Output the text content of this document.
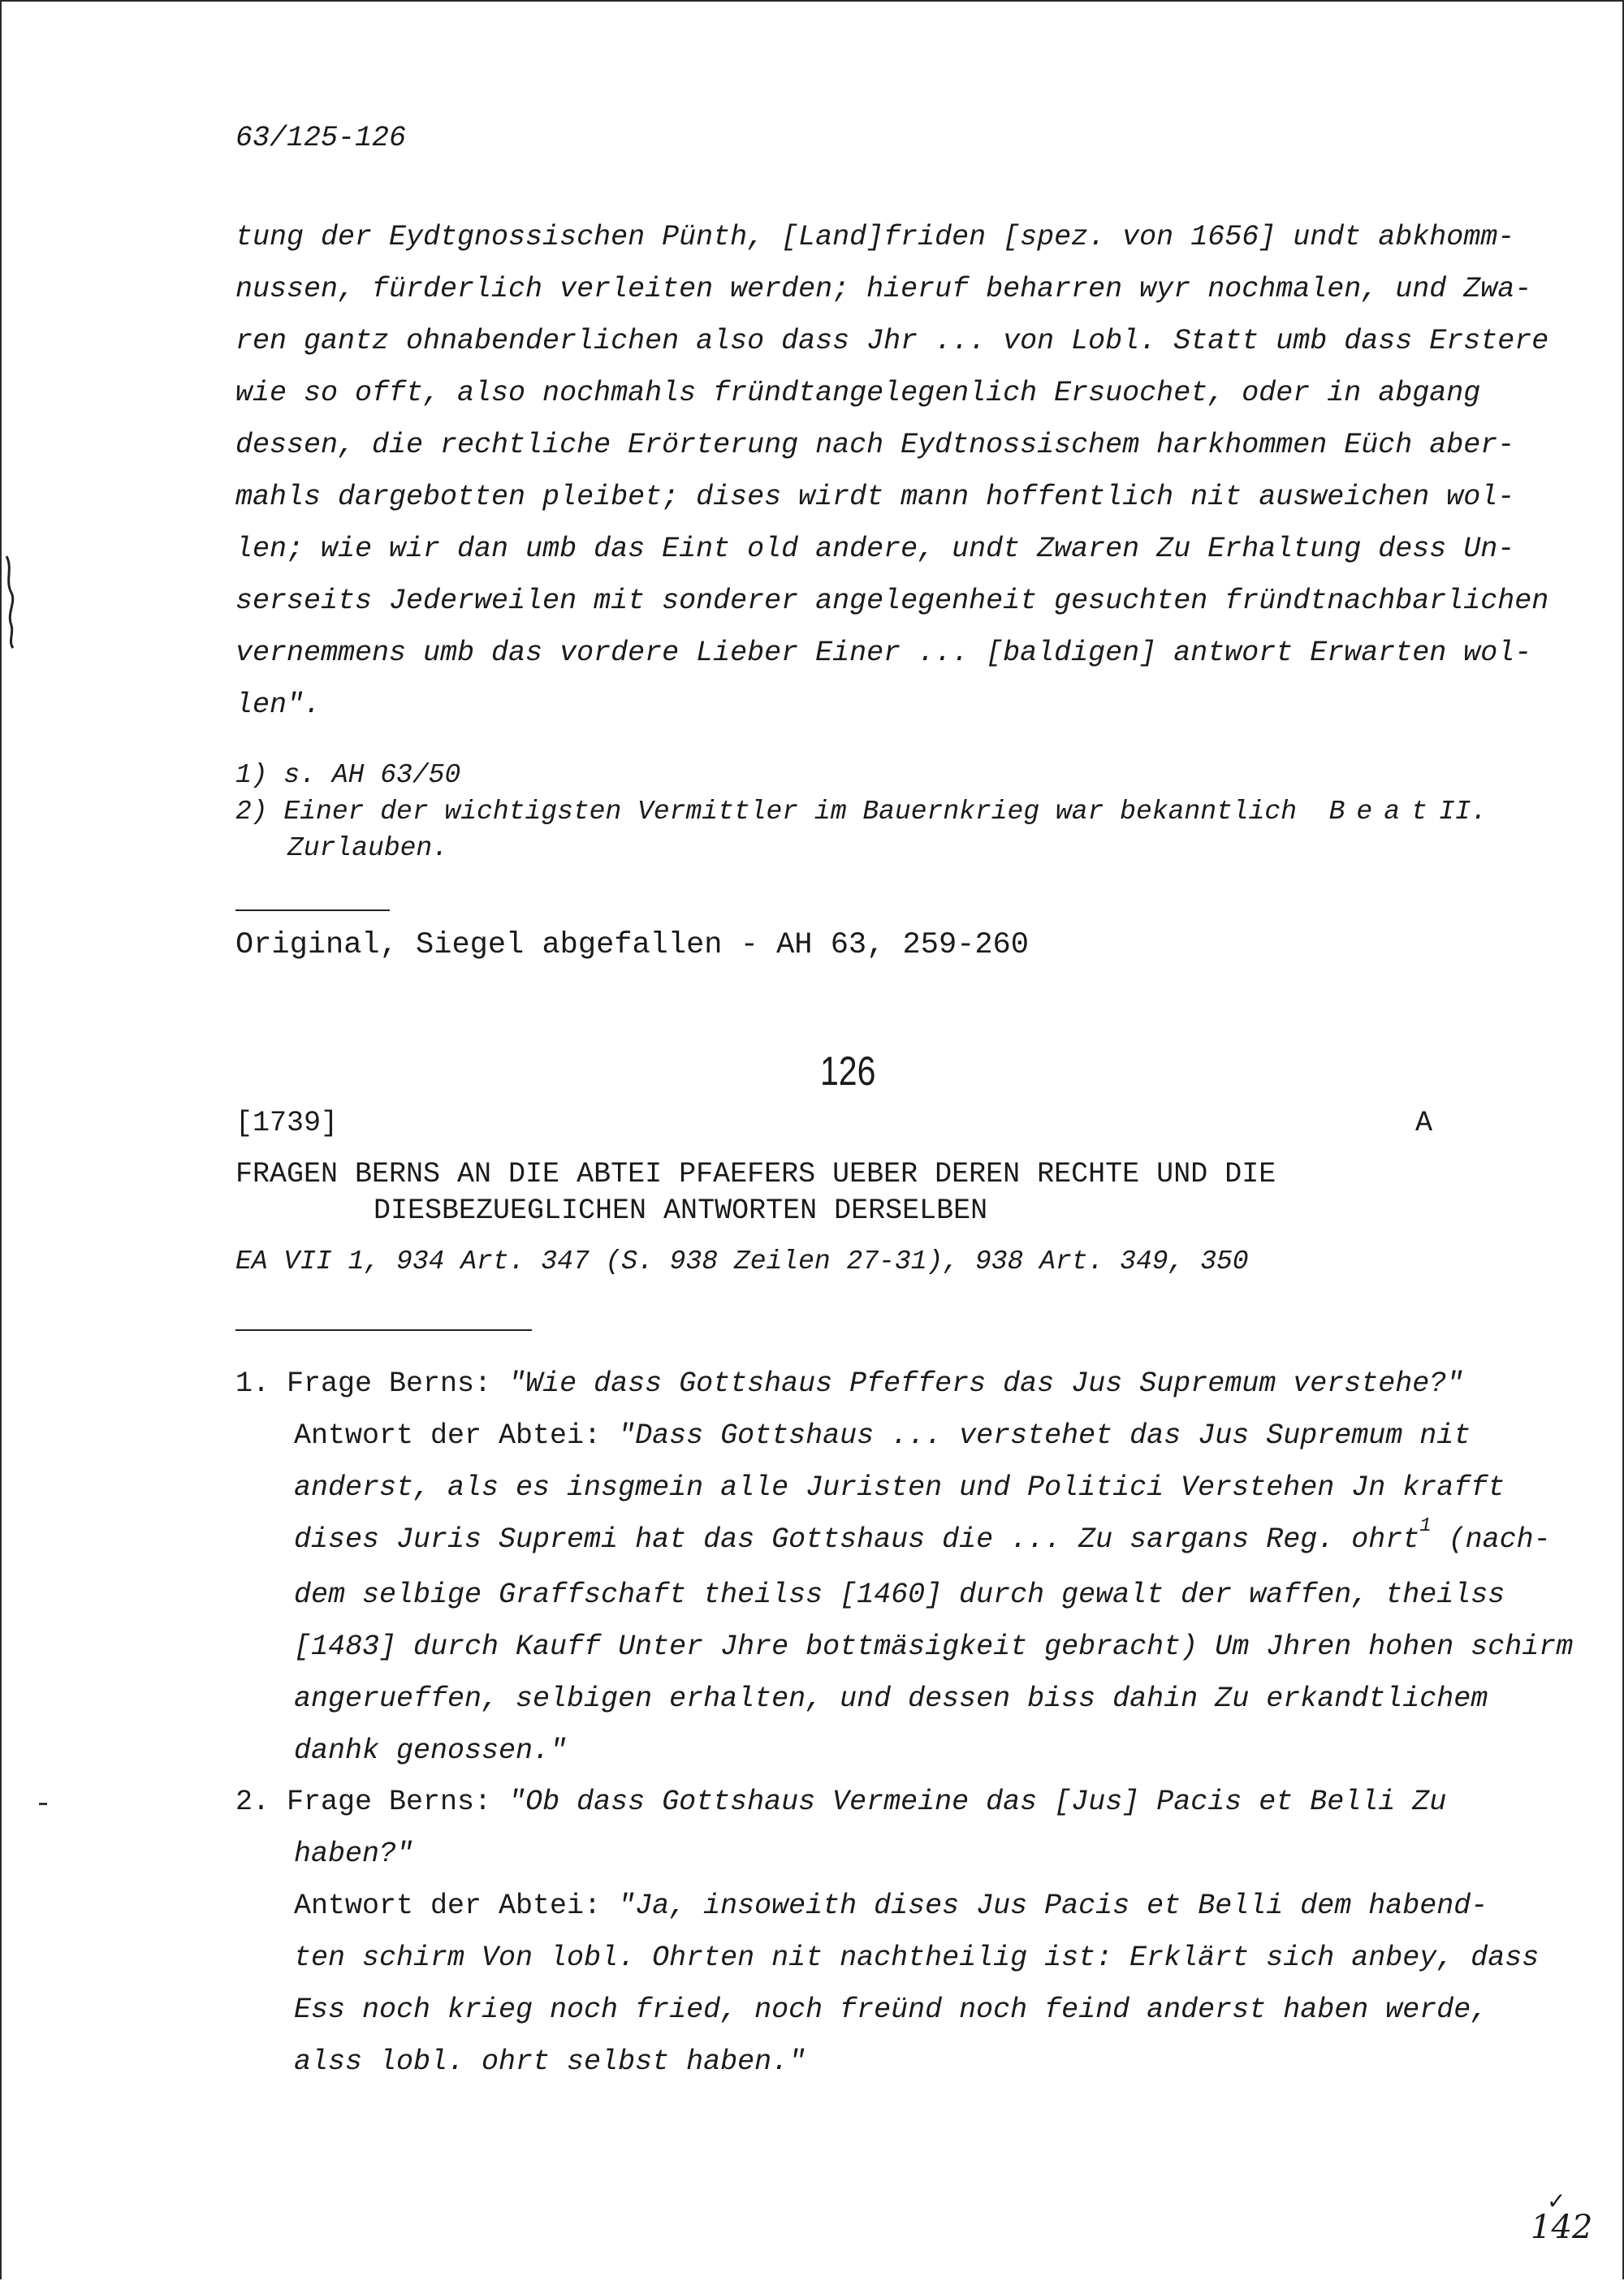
63/125-126
tung der Eydtgnossischen Pünth, [Land]friden [spez. von 1656] undt abkhomm-
nussen, fürderlich verleiten werden; hieruf beharren wyr nochmalen, und Zwa-
ren gantz ohnabenderlichen also dass Jhr ... von Lobl. Statt umb dass Erstere
wie so offt, also nochmahls fründtangelegenlich Ersuochet, oder in abgang
dessen, die rechtliche Erörterung nach Eydtnossischem harkhommen Eüch aber-
mahls dargebotten pleibet; dises wirdt mann hoffentlich nit ausweichen wol-
len; wie wir dan umb das Eint old andere, undt Zwaren Zu Erhaltung dess Un-
serseits Jederweilen mit sonderer angelegenheit gesuchten fründtnachbarlichen
vernemmens umb das vordere Lieber Einer ... [baldigen] antwort Erwarten wol-
len".
1) s. AH 63/50
2) Einer der wichtigsten Vermittler im Bauernkrieg war bekanntlich BeatII.
Zurlauben.
Original, Siegel abgefallen - AH 63, 259-260
126
[1739]	A
FRAGEN BERNS AN DIE ABTEI PFAEFERS UEBER DEREN RECHTE UND DIE
DIESBEZUEGLICHEN ANTWORTEN DERSELBEN
EA VII 1, 934 Art. 347 (S. 938 Zeilen 27-31), 938 Art. 349, 350
1. Frage Berns: "Wie dass Gottshaus Pfeffers das Jus Supremum verstehe?"
Antwort der Abtei: "Dass Gottshaus ... verstehet das Jus Supremum nit
anderst, als es insgmein alle Juristen und Politici Verstehen Jn krafft
dises Juris Supremi hat das Gottshaus die ... Zu sargans Reg. ohrt$^1$ (nach-
dem selbige Graffschaft theilss [1460] durch gewalt der waffen, theilss
[1483] durch Kauff Unter Jhre bottmäsigkeit gebracht) Um Jhren hohen schirm
angerueffen, selbigen erhalten, und dessen biss dahin Zu erkandtlichem
danhk genossen."
2. Frage Berns: "Ob dass Gottshaus Vermeine das [Jus] Pacis et Belli Zu
haben?"
Antwort der Abtei: "Ja, insoweith dises Jus Pacis et Belli dem habend-
ten schirm Von lobl. Ohrten nit nachtheilig ist: Erklärt sich anbey, dass
Ess noch krieg noch fried, noch freünd noch feind anderst haben werde,
alss lobl. ohrt selbst haben."
✓
142
